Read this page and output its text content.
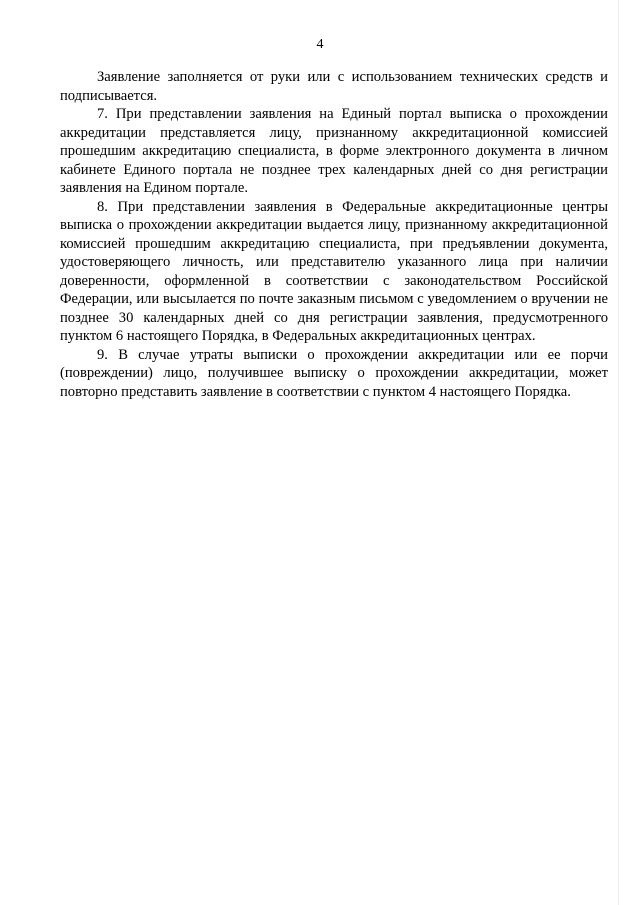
4

Заявление заполняется от руки или с использованием технических средств и подписывается.

7. При представлении заявления на Единый портал выписка о прохождении аккредитации представляется лицу, признанному аккредитационной комиссией прошедшим аккредитацию специалиста, в форме электронного документа в личном кабинете Единого портала не позднее трех календарных дней со дня регистрации заявления на Едином портале.

8. При представлении заявления в Федеральные аккредитационные центры выписка о прохождении аккредитации выдается лицу, признанному аккредитационной комиссией прошедшим аккредитацию специалиста, при предъявлении документа, удостоверяющего личность, или представителю указанного лица при наличии доверенности, оформленной в соответствии с законодательством Российской Федерации, или высылается по почте заказным письмом с уведомлением о вручении не позднее 30 календарных дней со дня регистрации заявления, предусмотренного пунктом 6 настоящего Порядка, в Федеральных аккредитационных центрах.

9. В случае утраты выписки о прохождении аккредитации или ее порчи (повреждении) лицо, получившее выписку о прохождении аккредитации, может повторно представить заявление в соответствии с пунктом 4 настоящего Порядка.
